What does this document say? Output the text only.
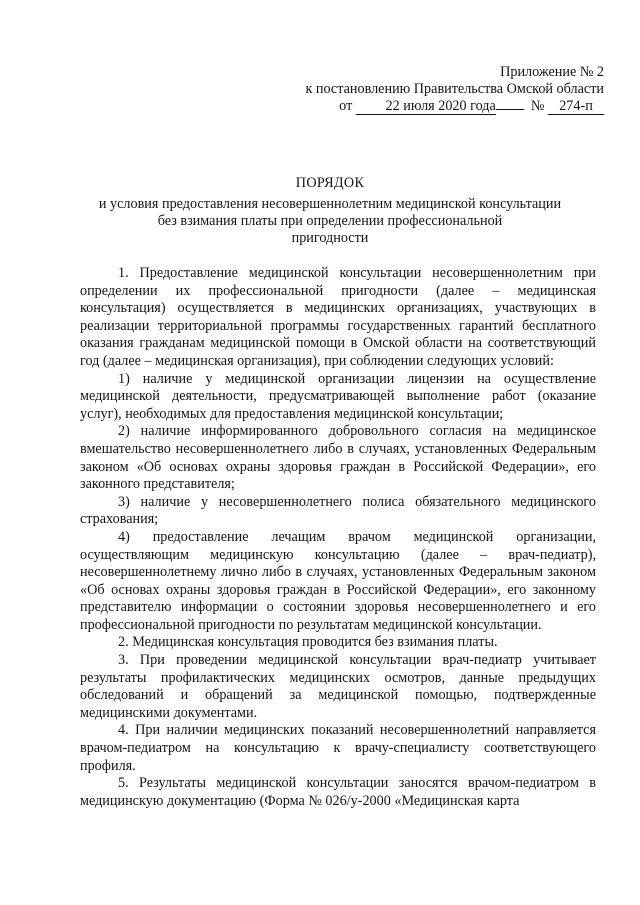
Приложение № 2
к постановлению Правительства Омской области
от 22 июля 2020 года № 274-п
ПОРЯДОК
и условия предоставления несовершеннолетним медицинской консультации
без взимания платы при определении профессиональной
пригодности

1. Предоставление медицинской консультации несовершеннолетним при определении их профессиональной пригодности (далее – медицинская консультация) осуществляется в медицинских организациях, участвующих в реализации территориальной программы государственных гарантий бесплатного оказания гражданам медицинской помощи в Омской области на соответствующий год (далее – медицинская организация), при соблюдении следующих условий:

1) наличие у медицинской организации лицензии на осуществление медицинской деятельности, предусматривающей выполнение работ (оказание услуг), необходимых для предоставления медицинской консультации;

2) наличие информированного добровольного согласия на медицинское вмешательство несовершеннолетнего либо в случаях, установленных Федеральным законом «Об основах охраны здоровья граждан в Российской Федерации», его законного представителя;

3) наличие у несовершеннолетнего полиса обязательного медицинского страхования;

4) предоставление лечащим врачом медицинской организации, осуществляющим медицинскую консультацию (далее – врач-педиатр), несовершеннолетнему лично либо в случаях, установленных Федеральным законом «Об основах охраны здоровья граждан в Российской Федерации», его законному представителю информации о состоянии здоровья несовершеннолетнего и его профессиональной пригодности по результатам медицинской консультации.

2. Медицинская консультация проводится без взимания платы.

3. При проведении медицинской консультации врач-педиатр учитывает результаты профилактических медицинских осмотров, данные предыдущих обследований и обращений за медицинской помощью, подтвержденные медицинскими документами.

4. При наличии медицинских показаний несовершеннолетний направляется врачом-педиатром на консультацию к врачу-специалисту соответствующего профиля.

5. Результаты медицинской консультации заносятся врачом-педиатром в медицинскую документацию (Форма № 026/у-2000 «Медицинская карта
